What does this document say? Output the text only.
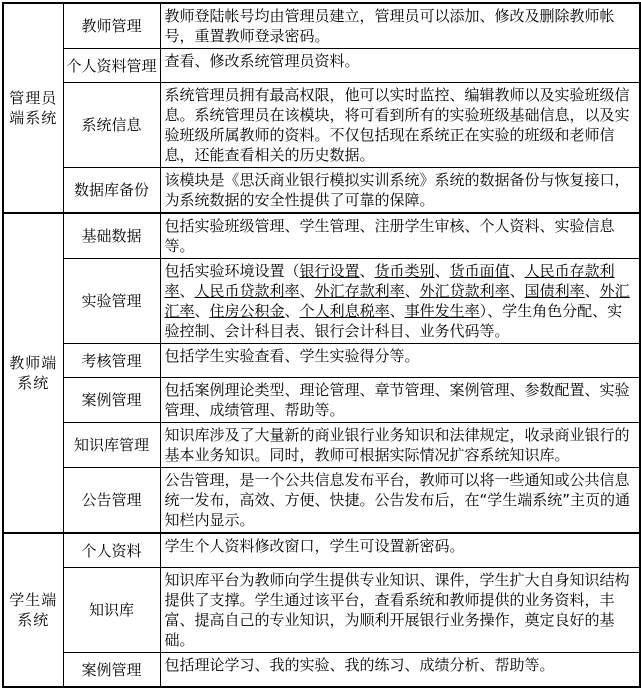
管理员端系统	教师管理	教师登陆帐号均由管理员建立，管理员可以添加、修改及删除教师帐号，重置教师登录密码。
	个人资料管理	查看、修改系统管理员资料。
	系统信息	系统管理员拥有最高权限，他可以实时监控、编辑教师以及实验班级信息。系统管理员在该模块，将可看到所有的实验班级基础信息，以及实验班级所属教师的资料。不仅包括现在系统正在实验的班级和老师信息，还能查看相关的历史数据。
	数据库备份	该模块是《思沃商业银行模拟实训系统》系统的数据备份与恢复接口，为系统数据的安全性提供了可靠的保障。
教师端系统	基础数据	包括实验班级管理、学生管理、注册学生审核、个人资料、实验信息等。
	实验管理	包括实验环境设置（银行设置、货币类别、货币面值、人民币存款利率、人民币贷款利率、外汇存款利率、外汇贷款利率、国债利率、外汇汇率、住房公积金、个人利息税率、事件发生率）、学生角色分配、实验控制、会计科目表、银行会计科目、业务代码等。
	考核管理	包括学生实验查看、学生实验得分等。
	案例管理	包括案例理论类型、理论管理、章节管理、案例管理、参数配置、实验管理、成绩管理、帮助等。
	知识库管理	知识库涉及了大量新的商业银行业务知识和法律规定，收录商业银行的基本业务知识。同时，教师可根据实际情况扩容系统知识库。
	公告管理	公告管理，是一个公共信息发布平台，教师可以将一些通知或公共信息统一发布，高效、方便、快捷。公告发布后，在“学生端系统”主页的通知栏内显示。
学生端系统	个人资料	学生个人资料修改窗口，学生可设置新密码。
	知识库	知识库平台为教师向学生提供专业知识、课件，学生扩大自身知识结构提供了支撑。学生通过该平台，查看系统和教师提供的业务资料，丰富、提高自己的专业知识，为顺利开展银行业务操作，奠定良好的基础。
	案例管理	包括理论学习、我的实验、我的练习、成绩分析、帮助等。
